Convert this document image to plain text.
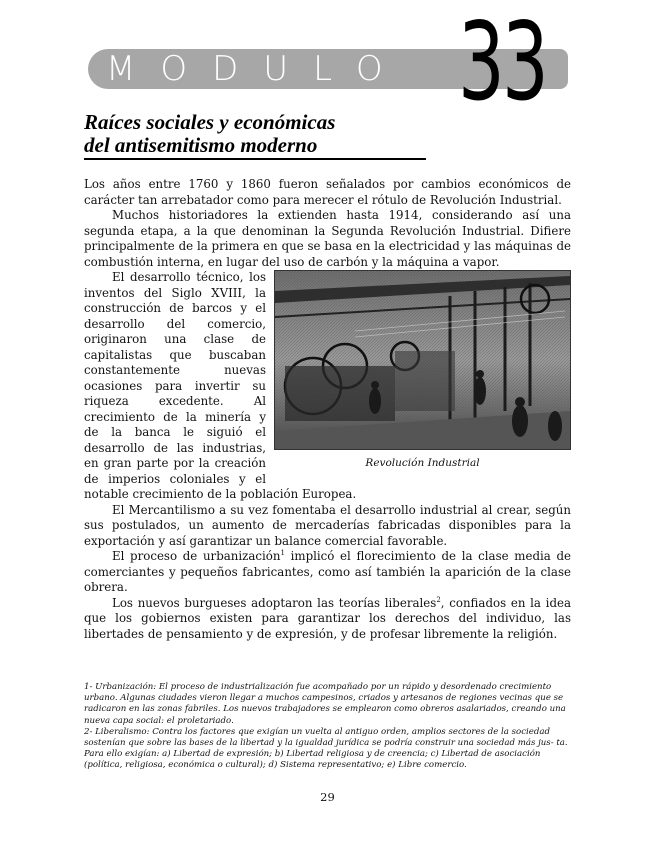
MODULO 33
Raíces sociales y económicas
del antisemitismo moderno

Los años entre 1760 y 1860 fueron señalados por cambios económicos de carácter tan arrebatador como para merecer el rótulo de Revolución Industrial.

Muchos historiadores la extienden hasta 1914, considerando así una segunda etapa, a la que denominan la Segunda Revolución Industrial. Difiere principalmente de la primera en que se basa en la electricidad y las máquinas de combustión interna, en lugar del uso de carbón y la máquina a vapor.

Revolución Industrial

El desarrollo técnico, los inventos del Siglo XVIII, la construcción de barcos y el desarrollo del comercio, originaron una clase de capitalistas que buscaban constantemente nuevas ocasiones para invertir su riqueza excedente. Al crecimiento de la minería y de la banca le siguió el desarrollo de las industrias, en gran parte por la creación de imperios coloniales y el notable crecimiento de la población Europea.

El Mercantilismo a su vez fomentaba el desarrollo industrial al crear, según sus postulados, un aumento de mercaderías fabricadas disponibles para la exportación y así garantizar un balance comercial favorable.

El proceso de urbanización$^1$ implicó el florecimiento de la clase media de comerciantes y pequeños fabricantes, como así también la aparición de la clase obrera.

Los nuevos burgueses adoptaron las teorías liberales$^2$, confiados en la idea que los gobiernos existen para garantizar los derechos del individuo, las libertades de pensamiento y de expresión, y de profesar libremente la religión.

1- Urbanización: El proceso de industrialización fue acompañado por un rápido y desordenado crecimiento urbano. Algunas ciudades vieron llegar a muchos campesinos, criados y artesanos de regiones vecinas que se radicaron en las zonas fabriles. Los nuevos trabajadores se emplearon como obreros asalariados, creando una nueva capa social: el proletariado.

2- Liberalismo: Contra los factores que exigían un vuelta al antiguo orden, amplios sectores de la sociedad sostenían que sobre las bases de la libertad y la igualdad jurídica se podría construir una sociedad más jus- ta. Para ello exigían: a) Libertad de expresión; b) Libertad religiosa y de creencia; c) Libertad de asociación (política, religiosa, económica o cultural); d) Sistema representativo; e) Libre comercio.

29
